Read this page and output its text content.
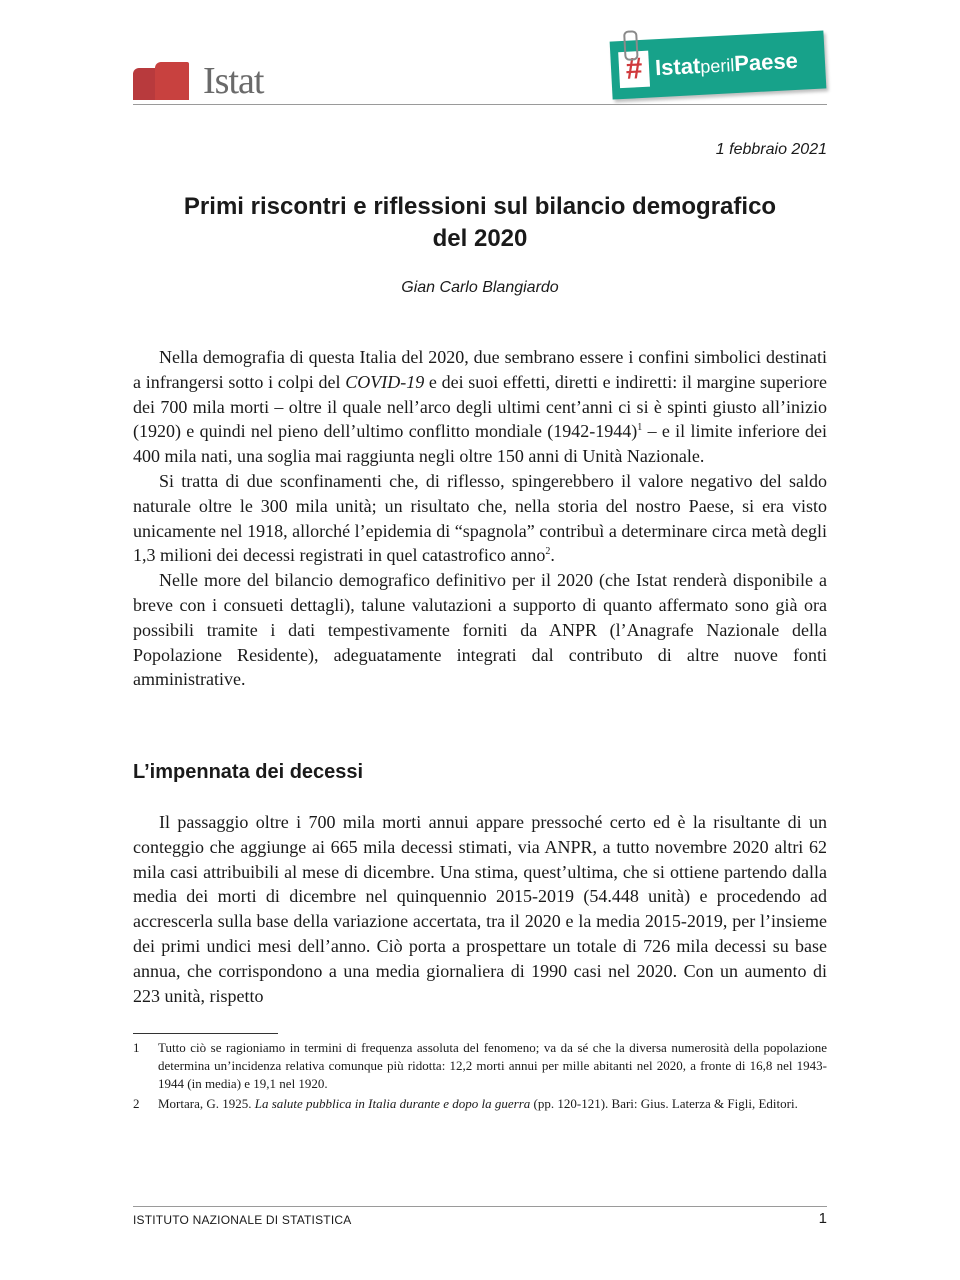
Istat	# IstatperilPaese
1 febbraio 2021
Primi riscontri e riflessioni sul bilancio demografico
del 2020
Gian Carlo Blangiardo

Nella demografia di questa Italia del 2020, due sembrano essere i confini simbolici destinati a infrangersi sotto i colpi del COVID-19 e dei suoi effetti, diretti e indiretti: il margine superiore dei 700 mila morti – oltre il quale nell’arco degli ultimi cent’anni ci si è spinti giusto all’inizio (1920) e quindi nel pieno dell’ultimo conflitto mondiale (1942-1944)$^1$ – e il limite inferiore dei 400 mila nati, una soglia mai raggiunta negli oltre 150 anni di Unità Nazionale.

Si tratta di due sconfinamenti che, di riflesso, spingerebbero il valore negativo del saldo naturale oltre le 300 mila unità; un risultato che, nella storia del nostro Paese, si era visto unicamente nel 1918, allorché l’epidemia di “spagnola” contribuì a determinare circa metà degli 1,3 milioni dei decessi registrati in quel catastrofico anno$^2$.

Nelle more del bilancio demografico definitivo per il 2020 (che Istat renderà disponibile a breve con i consueti dettagli), talune valutazioni a supporto di quanto affermato sono già ora possibili tramite i dati tempestivamente forniti da ANPR (l’Anagrafe Nazionale della Popolazione Residente), adeguatamente integrati dal contributo di altre nuove fonti amministrative.

L’impennata dei decessi

Il passaggio oltre i 700 mila morti annui appare pressoché certo ed è la risultante di un conteggio che aggiunge ai 665 mila decessi stimati, via ANPR, a tutto novembre 2020 altri 62 mila casi attribuibili al mese di dicembre. Una stima, quest’ultima, che si ottiene partendo dalla media dei morti di dicembre nel quinquennio 2015-2019 (54.448 unità) e procedendo ad accrescerla sulla base della variazione accertata, tra il 2020 e la media 2015-2019, per l’insieme dei primi undici mesi dell’anno. Ciò porta a prospettare un totale di 726 mila decessi su base annua, che corrispondono a una media giornaliera di 1990 casi nel 2020. Con un aumento di 223 unità, rispetto

1	Tutto ciò se ragioniamo in termini di frequenza assoluta del fenomeno; va da sé che la diversa numerosità della popolazione determina un’incidenza relativa comunque più ridotta: 12,2 morti annui per mille abitanti nel 2020, a fronte di 16,8 nel 1943-1944 (in media) e 19,1 nel 1920.
2	Mortara, G. 1925. La salute pubblica in Italia durante e dopo la guerra (pp. 120-121). Bari: Gius. Laterza & Figli, Editori.
ISTITUTO NAZIONALE DI STATISTICA	1
